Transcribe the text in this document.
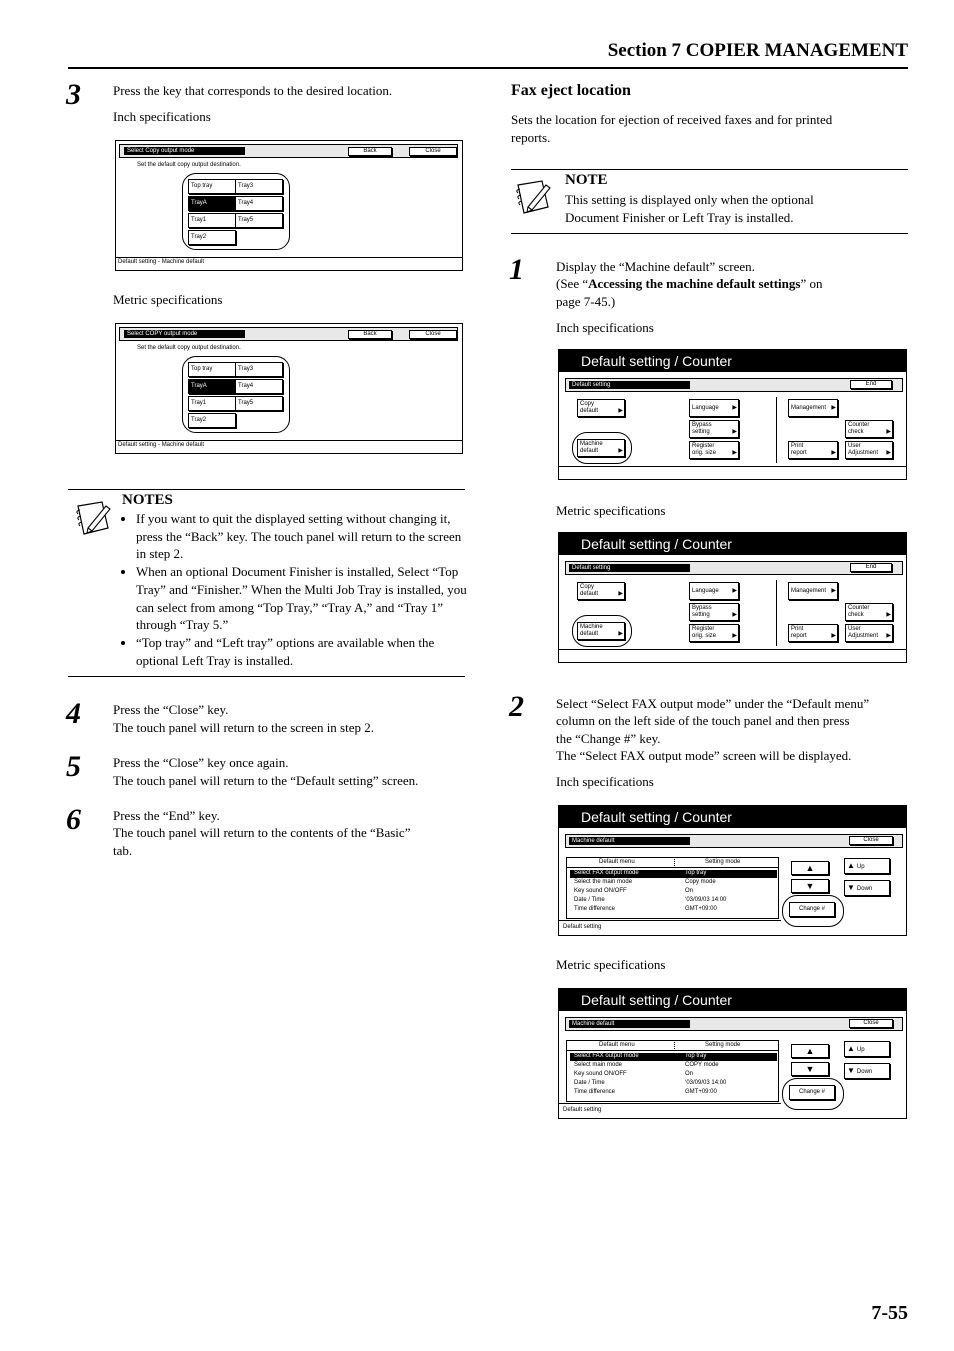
Section 7 COPIER MANAGEMENT
3 Press the key that corresponds to the desired location.
Inch specifications
Select Copy output mode	Back	Close
Set the default copy output destination.
Top tray	Tray3
TrayA	Tray4
Tray1	Tray5
Tray2
Default setting - Machine default
Metric specifications
Select COPY output mode	Back	Close
Set the default copy output destination.
Top tray	Tray3
TrayA	Tray4
Tray1	Tray5
Tray2
Default setting - Machine default
NOTES
• If you want to quit the displayed setting without changing it, press the “Back” key. The touch panel will return to the screen in step 2.
• When an optional Document Finisher is installed, Select “Top Tray” and “Finisher.” When the Multi Job Tray is installed, you can select from among “Top Tray,” “Tray A,” and “Tray 1” through “Tray 5.”
• “Top tray” and “Left tray” options are available when the optional Left Tray is installed.
4 Press the “Close” key.
The touch panel will return to the screen in step 2.
5 Press the “Close” key once again.
The touch panel will return to the “Default setting” screen.
6 Press the “End” key.
The touch panel will return to the contents of the “Basic”
tab.
Fax eject location
Sets the location for ejection of received faxes and for printed
reports.
NOTE
This setting is displayed only when the optional
Document Finisher or Left Tray is installed.
1 Display the “Machine default” screen.
(See “Accessing the machine default settings” on
page 7-45.)
Inch specifications
Default setting / Counter
Default setting	End
Copy
default	▶
Machine
default	▶
Language ▶
Bypass
setting	▶
Register
orig. size	▶
Management ▶
Counter
check	▶
Print
report	▶
User
Adjustment	▶
Metric specifications
Default setting / Counter
Default setting	End
Copy
default	▶
Machine
default	▶
Language ▶
Bypass
setting	▶
Register
orig. size	▶
Management ▶
Counter
check	▶
Print
report	▶
User
Adjustment	▶
2 Select “Select FAX output mode” under the “Default menu”
column on the left side of the touch panel and then press
the “Change #” key.
The “Select FAX output mode” screen will be displayed.
Inch specifications
Default setting / Counter
Machine default	Close
Default menu	Setting mode
Select FAX output mode	Top tray
Select the main mode	Copy mode
Key sound ON/OFF	On
Date / Time	‘03/09/03 14:00
Time difference	GMT+09:00
▲
▼
▲ Up
▼ Down
Change #
Default setting
Metric specifications
Default setting / Counter
Machine default	Close
Default menu	Setting mode
Select FAX output mode	Top tray
Select main mode	COPY mode
Key sound ON/OFF	On
Date / Time	‘03/09/03 14:00
Time difference	GMT+09:00
▲
▼
▲ Up
▼ Down
Change #
Default setting
7-55
